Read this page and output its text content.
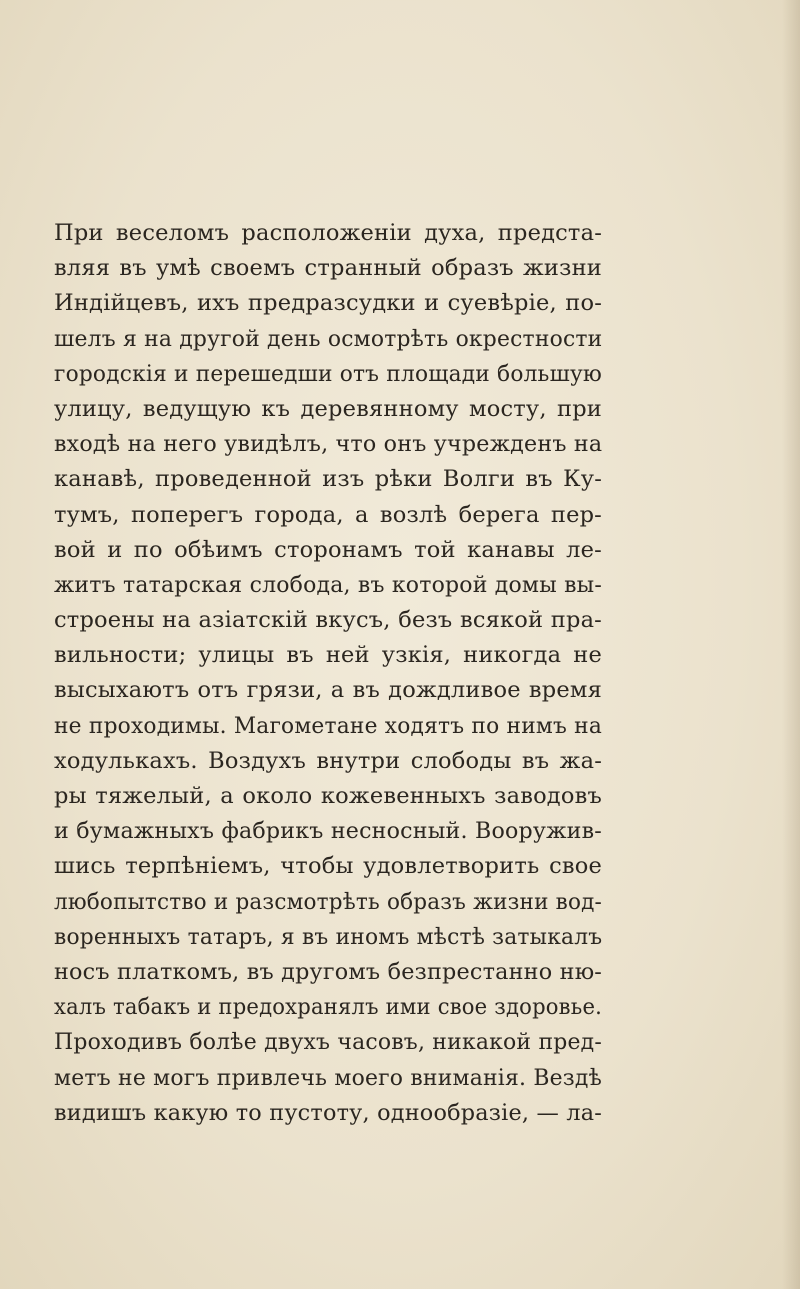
При веселомъ расположеніи духа, предста-
вляя въ умѣ своемъ странный образъ жизни
Индійцевъ, ихъ предразсудки и суевѣріе, по-
шелъ я на другой день осмотрѣть окрестности
городскія и перешедши отъ площади большую
улицу, ведущую къ деревянному мосту, при
входѣ на него увидѣлъ, что онъ учрежденъ на
канавѣ, проведенной изъ рѣки Волги въ Ку-
тумъ, поперегъ города, а возлѣ берега пер-
вой и по обѣимъ сторонамъ той канавы ле-
житъ татарская слобода, въ которой домы вы-
строены на азіатскій вкусъ, безъ всякой пра-
вильности; улицы въ ней узкія, никогда не
высыхаютъ отъ грязи, а въ дождливое время
не проходимы. Магометане ходятъ по нимъ на
ходулькахъ. Воздухъ внутри слободы въ жа-
ры тяжелый, а около кожевенныхъ заводовъ
и бумажныхъ фабрикъ несносный. Вооружив-
шись терпѣніемъ, чтобы удовлетворить свое
любопытство и разсмотрѣть образъ жизни вод-
воренныхъ татаръ, я въ иномъ мѣстѣ затыкалъ
носъ платкомъ, въ другомъ безпрестанно ню-
халъ табакъ и предохранялъ ими свое здоровье.
Проходивъ болѣе двухъ часовъ, никакой пред-
метъ не могъ привлечь моего вниманія. Вездѣ
видишъ какую то пустоту, однообразіе, — ла-
